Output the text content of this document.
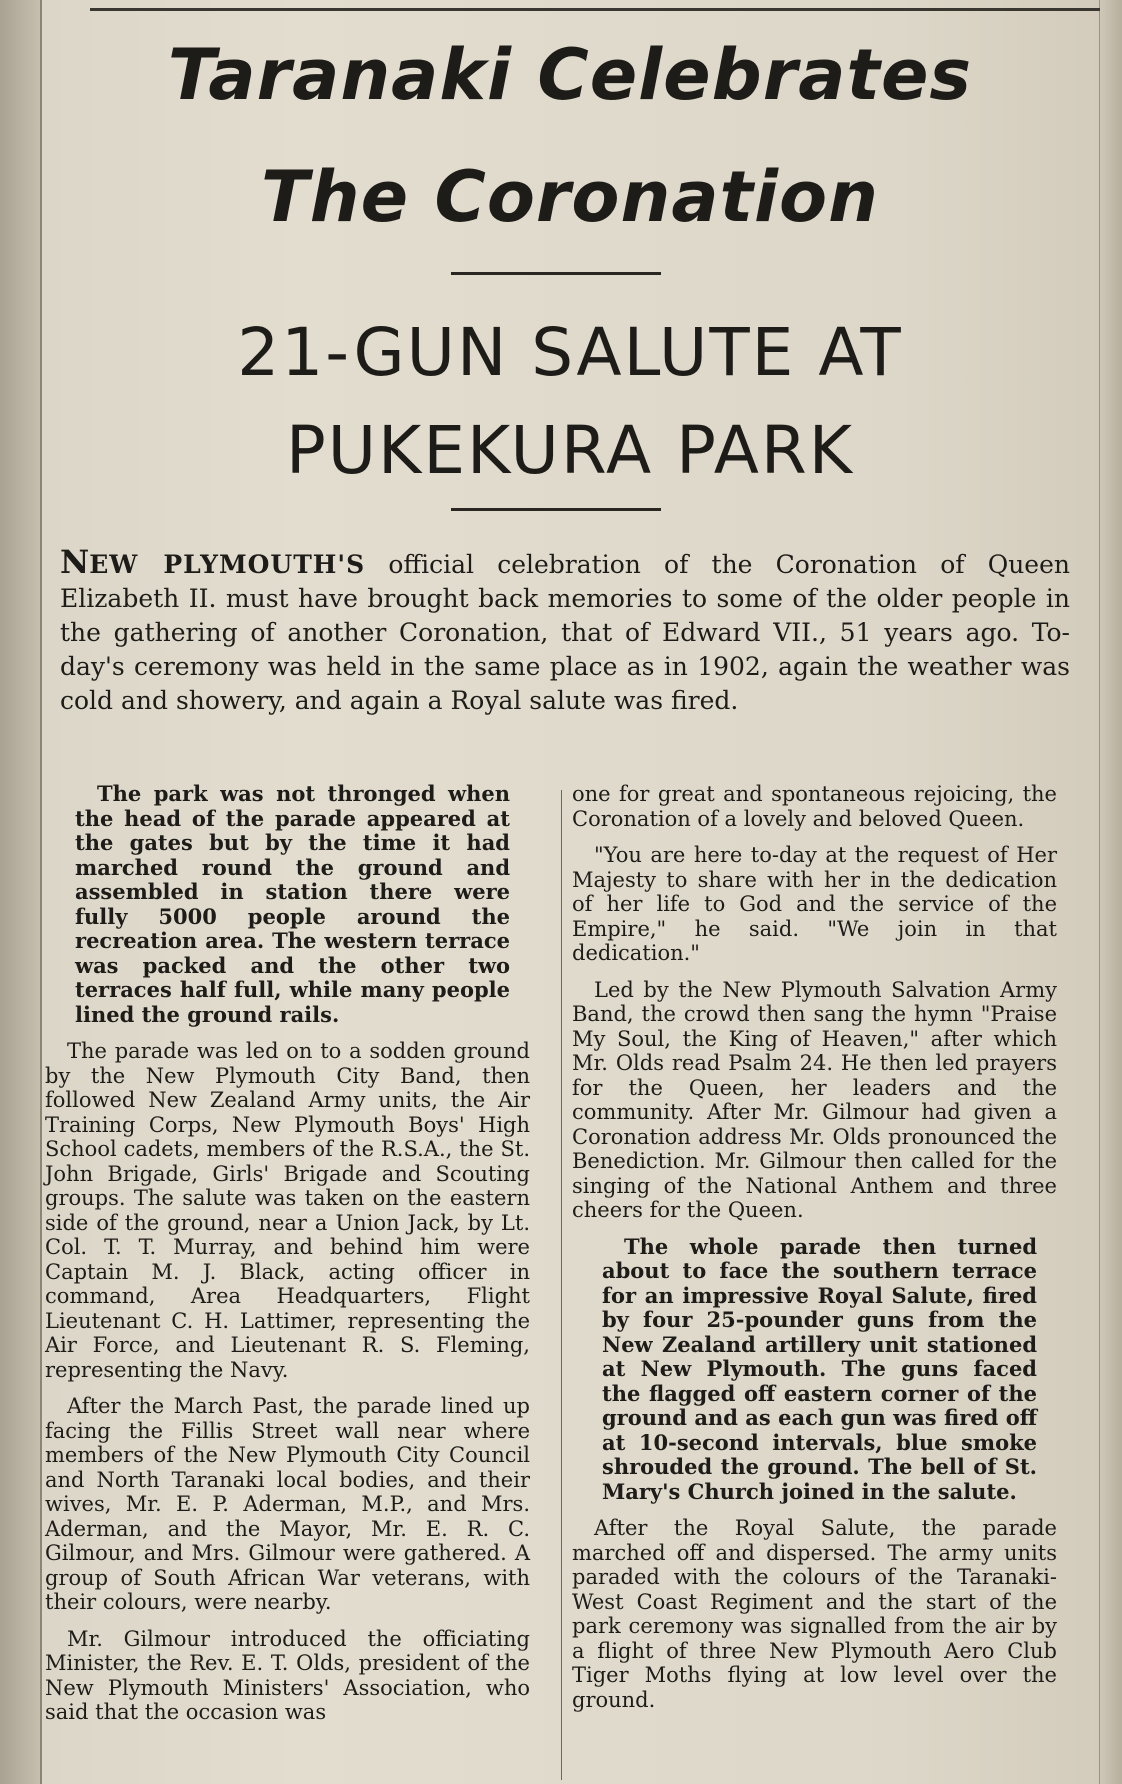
Taranaki Celebrates
The Coronation
21-GUN SALUTE AT
PUKEKURA PARK
NEW PLYMOUTH'S official celebration of the Coronation of Queen Elizabeth II. must have brought back memories to some of the older people in the gathering of another Coronation, that of Edward VII., 51 years ago. To-day's ceremony was held in the same place as in 1902, again the weather was cold and showery, and again a Royal salute was fired.

The park was not thronged when the head of the parade appeared at the gates but by the time it had marched round the ground and assembled in station there were fully 5000 people around the recreation area. The western terrace was packed and the other two terraces half full, while many people lined the ground rails.

The parade was led on to a sodden ground by the New Plymouth City Band, then followed New Zealand Army units, the Air Training Corps, New Plymouth Boys' High School cadets, members of the R.S.A., the St. John Brigade, Girls' Brigade and Scouting groups. The salute was taken on the eastern side of the ground, near a Union Jack, by Lt. Col. T. T. Murray, and behind him were Captain M. J. Black, acting officer in command, Area Headquarters, Flight Lieutenant C. H. Lattimer, representing the Air Force, and Lieutenant R. S. Fleming, representing the Navy.

After the March Past, the parade lined up facing the Fillis Street wall near where members of the New Plymouth City Council and North Taranaki local bodies, and their wives, Mr. E. P. Aderman, M.P., and Mrs. Aderman, and the Mayor, Mr. E. R. C. Gilmour, and Mrs. Gilmour were gathered. A group of South African War veterans, with their colours, were nearby.

Mr. Gilmour introduced the officiating Minister, the Rev. E. T. Olds, president of the New Plymouth Ministers' Association, who said that the occasion was

one for great and spontaneous rejoicing, the Coronation of a lovely and beloved Queen.

"You are here to-day at the request of Her Majesty to share with her in the dedication of her life to God and the service of the Empire," he said. "We join in that dedication."

Led by the New Plymouth Salvation Army Band, the crowd then sang the hymn "Praise My Soul, the King of Heaven," after which Mr. Olds read Psalm 24. He then led prayers for the Queen, her leaders and the community. After Mr. Gilmour had given a Coronation address Mr. Olds pronounced the Benediction. Mr. Gilmour then called for the singing of the National Anthem and three cheers for the Queen.

The whole parade then turned about to face the southern terrace for an impressive Royal Salute, fired by four 25-pounder guns from the New Zealand artillery unit stationed at New Plymouth. The guns faced the flagged off eastern corner of the ground and as each gun was fired off at 10-second intervals, blue smoke shrouded the ground. The bell of St. Mary's Church joined in the salute.

After the Royal Salute, the parade marched off and dispersed. The army units paraded with the colours of the Taranaki-West Coast Regiment and the start of the park ceremony was signalled from the air by a flight of three New Plymouth Aero Club Tiger Moths flying at low level over the ground.
